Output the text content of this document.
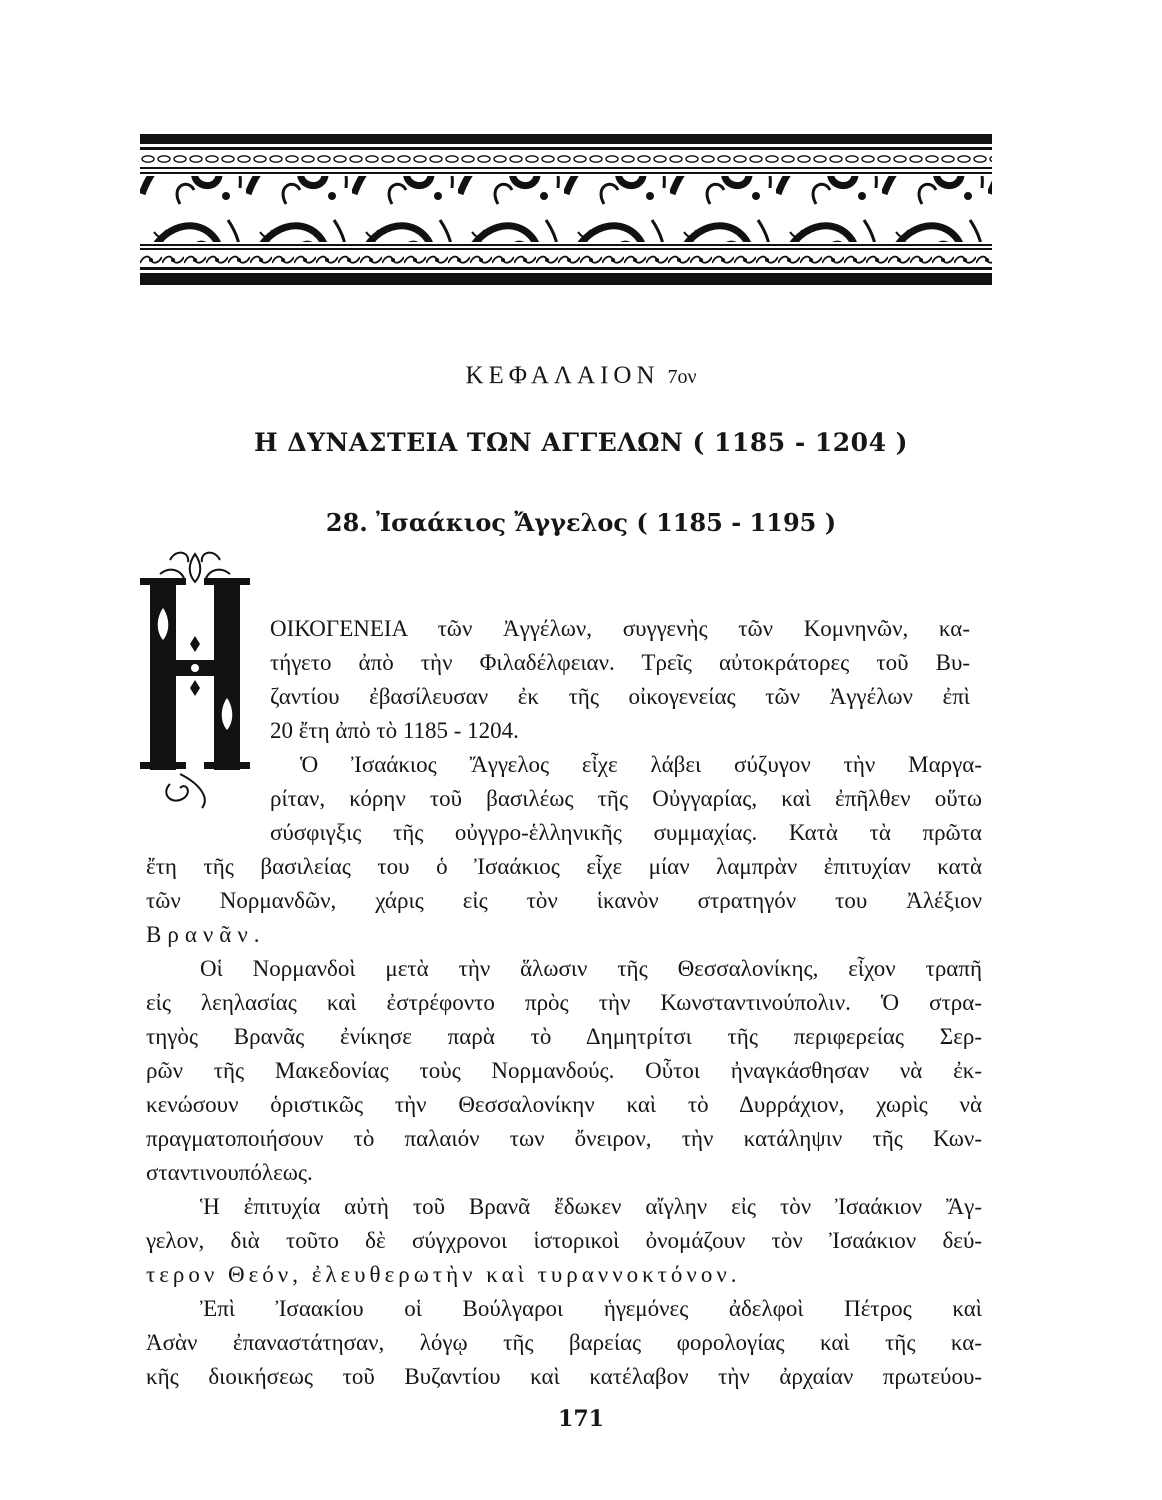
ΚΕΦΑΛΑΙΟΝ 7ον
Η ΔΥΝΑΣΤΕΙΑ ΤΩΝ ΑΓΓΕΛΩΝ ( 1185 - 1204 )
28. Ἰσαάκιος Ἄγγελος ( 1185 - 1195 )
ΟΙΚΟΓΕΝΕΙΑ τῶν Ἀγγέλων, συγγενὴς τῶν Κομνηνῶν, κα-
τήγετο ἀπὸ τὴν Φιλαδέλφειαν. Τρεῖς αὐτοκράτορες τοῦ Βυ-
ζαντίου ἐβασίλευσαν ἐκ τῆς οἰκογενείας τῶν Ἀγγέλων ἐπὶ
20 ἔτη ἀπὸ τὸ 1185 - 1204.
Ὁ Ἰσαάκιος Ἄγγελος εἶχε λάβει σύζυγον τὴν Μαργα-
ρίταν, κόρην τοῦ βασιλέως τῆς Οὐγγαρίας, καὶ ἐπῆλθεν οὕτω
σύσφιγξις τῆς οὐγγρο-ἑλληνικῆς συμμαχίας. Κατὰ τὰ πρῶτα
ἔτη τῆς βασιλείας του ὁ Ἰσαάκιος εἶχε μίαν λαμπρὰν ἐπιτυχίαν κατὰ
τῶν Νορμανδῶν, χάρις εἰς τὸν ἱκανὸν στρατηγόν του Ἀλέξιον
Βρανᾶν.
Οἱ Νορμανδοὶ μετὰ τὴν ἅλωσιν τῆς Θεσσαλονίκης, εἶχον τραπῆ
εἰς λεηλασίας καὶ ἐστρέφοντο πρὸς τὴν Κωνσταντινούπολιν. Ὁ στρα-
τηγὸς Βρανᾶς ἐνίκησε παρὰ τὸ Δημητρίτσι τῆς περιφερείας Σερ-
ρῶν τῆς Μακεδονίας τοὺς Νορμανδούς. Οὗτοι ἠναγκάσθησαν νὰ ἐκ-
κενώσουν ὁριστικῶς τὴν Θεσσαλονίκην καὶ τὸ Δυρράχιον, χωρὶς νὰ
πραγματοποιήσουν τὸ παλαιόν των ὄνειρον, τὴν κατάληψιν τῆς Κων-
σταντινουπόλεως.
Ἡ ἐπιτυχία αὐτὴ τοῦ Βρανᾶ ἔδωκεν αἴγλην εἰς τὸν Ἰσαάκιον Ἄγ-
γελον, διὰ τοῦτο δὲ σύγχρονοι ἱστορικοὶ ὀνομάζουν τὸν Ἰσαάκιον δεύ-
τερον Θεόν, ἐλευθερωτὴν καὶ τυραννοκτόνον.
Ἐπὶ Ἰσαακίου οἱ Βούλγαροι ἡγεμόνες ἀδελφοὶ Πέτρος καὶ
Ἀσὰν ἐπαναστάτησαν, λόγῳ τῆς βαρείας φορολογίας καὶ τῆς κα-
κῆς διοικήσεως τοῦ Βυζαντίου καὶ κατέλαβον τὴν ἀρχαίαν πρωτεύου-
171
